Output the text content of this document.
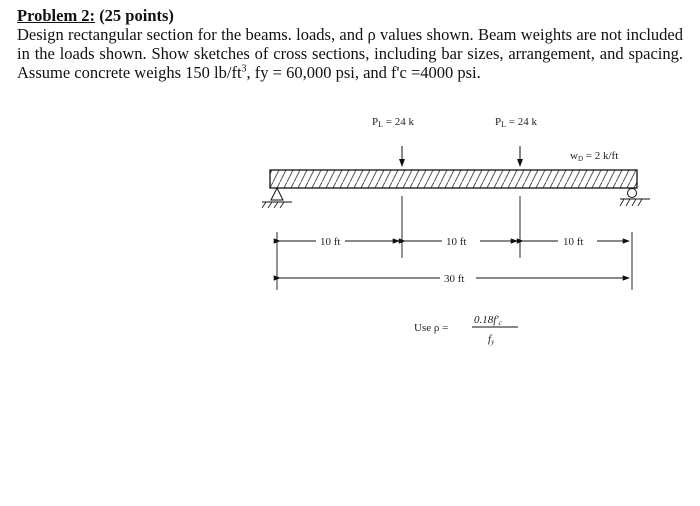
Problem 2: (25 points)

Design rectangular section for the beams. loads, and ρ values shown. Beam weights are not included in the loads shown. Show sketches of cross sections, including bar sizes, arrangement, and spacing. Assume concrete weighs 150 $lb/ft^3$, fy = 60,000 psi, and f'c =4000 psi.

PL = 24 k	PL = 24 k
wD = 2 k/ft
10 ft	10 ft	10 ft
30 ft
Use ρ =
0.18f'c
fy
